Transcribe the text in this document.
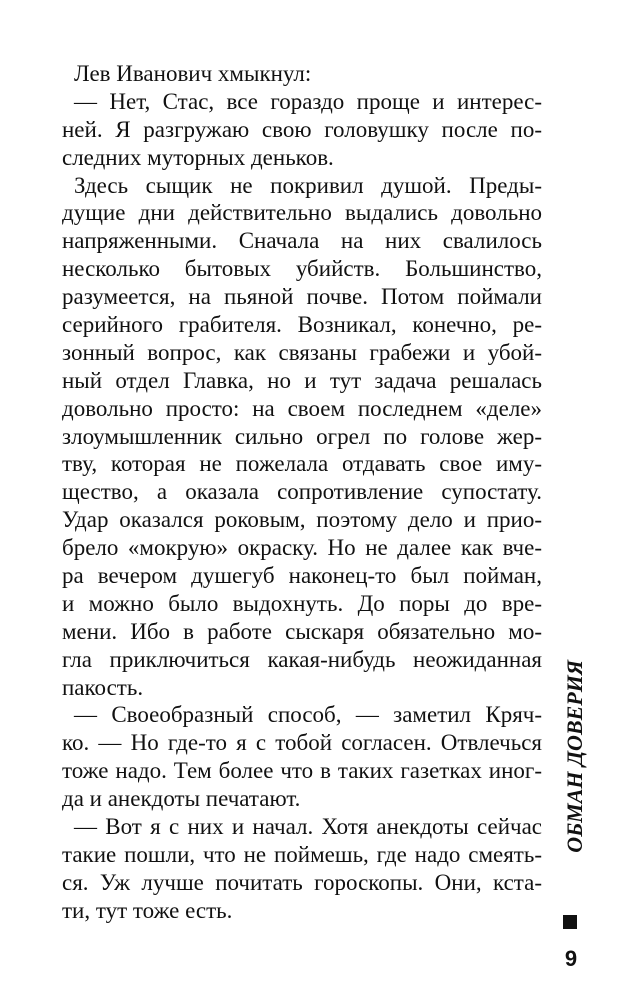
Лев Иванович хмыкнул:
— Нет, Стас, все гораздо проще и интерес-
ней. Я разгружаю свою головушку после по-
следних муторных деньков.
Здесь сыщик не покривил душой. Преды-
дущие дни действительно выдались довольно
напряженными. Сначала на них свалилось
несколько бытовых убийств. Большинство,
разумеется, на пьяной почве. Потом поймали
серийного грабителя. Возникал, конечно, ре-
зонный вопрос, как связаны грабежи и убой-
ный отдел Главка, но и тут задача решалась
довольно просто: на своем последнем «деле»
злоумышленник сильно огрел по голове жер-
тву, которая не пожелала отдавать свое иму-
щество, а оказала сопротивление супостату.
Удар оказался роковым, поэтому дело и прио-
брело «мокрую» окраску. Но не далее как вче-
ра вечером душегуб наконец-то был пойман,
и можно было выдохнуть. До поры до вре-
мени. Ибо в работе сыскаря обязательно мо-
гла приключиться какая-нибудь неожиданная
пакость.
— Своеобразный способ, — заметил Кряч-
ко. — Но где-то я с тобой согласен. Отвлечься
тоже надо. Тем более что в таких газетках иног-
да и анекдоты печатают.
— Вот я с них и начал. Хотя анекдоты сейчас
такие пошли, что не поймешь, где надо смеять-
ся. Уж лучше почитать гороскопы. Они, кста-
ти, тут тоже есть.
ОБМАН ДОВЕРИЯ
9
